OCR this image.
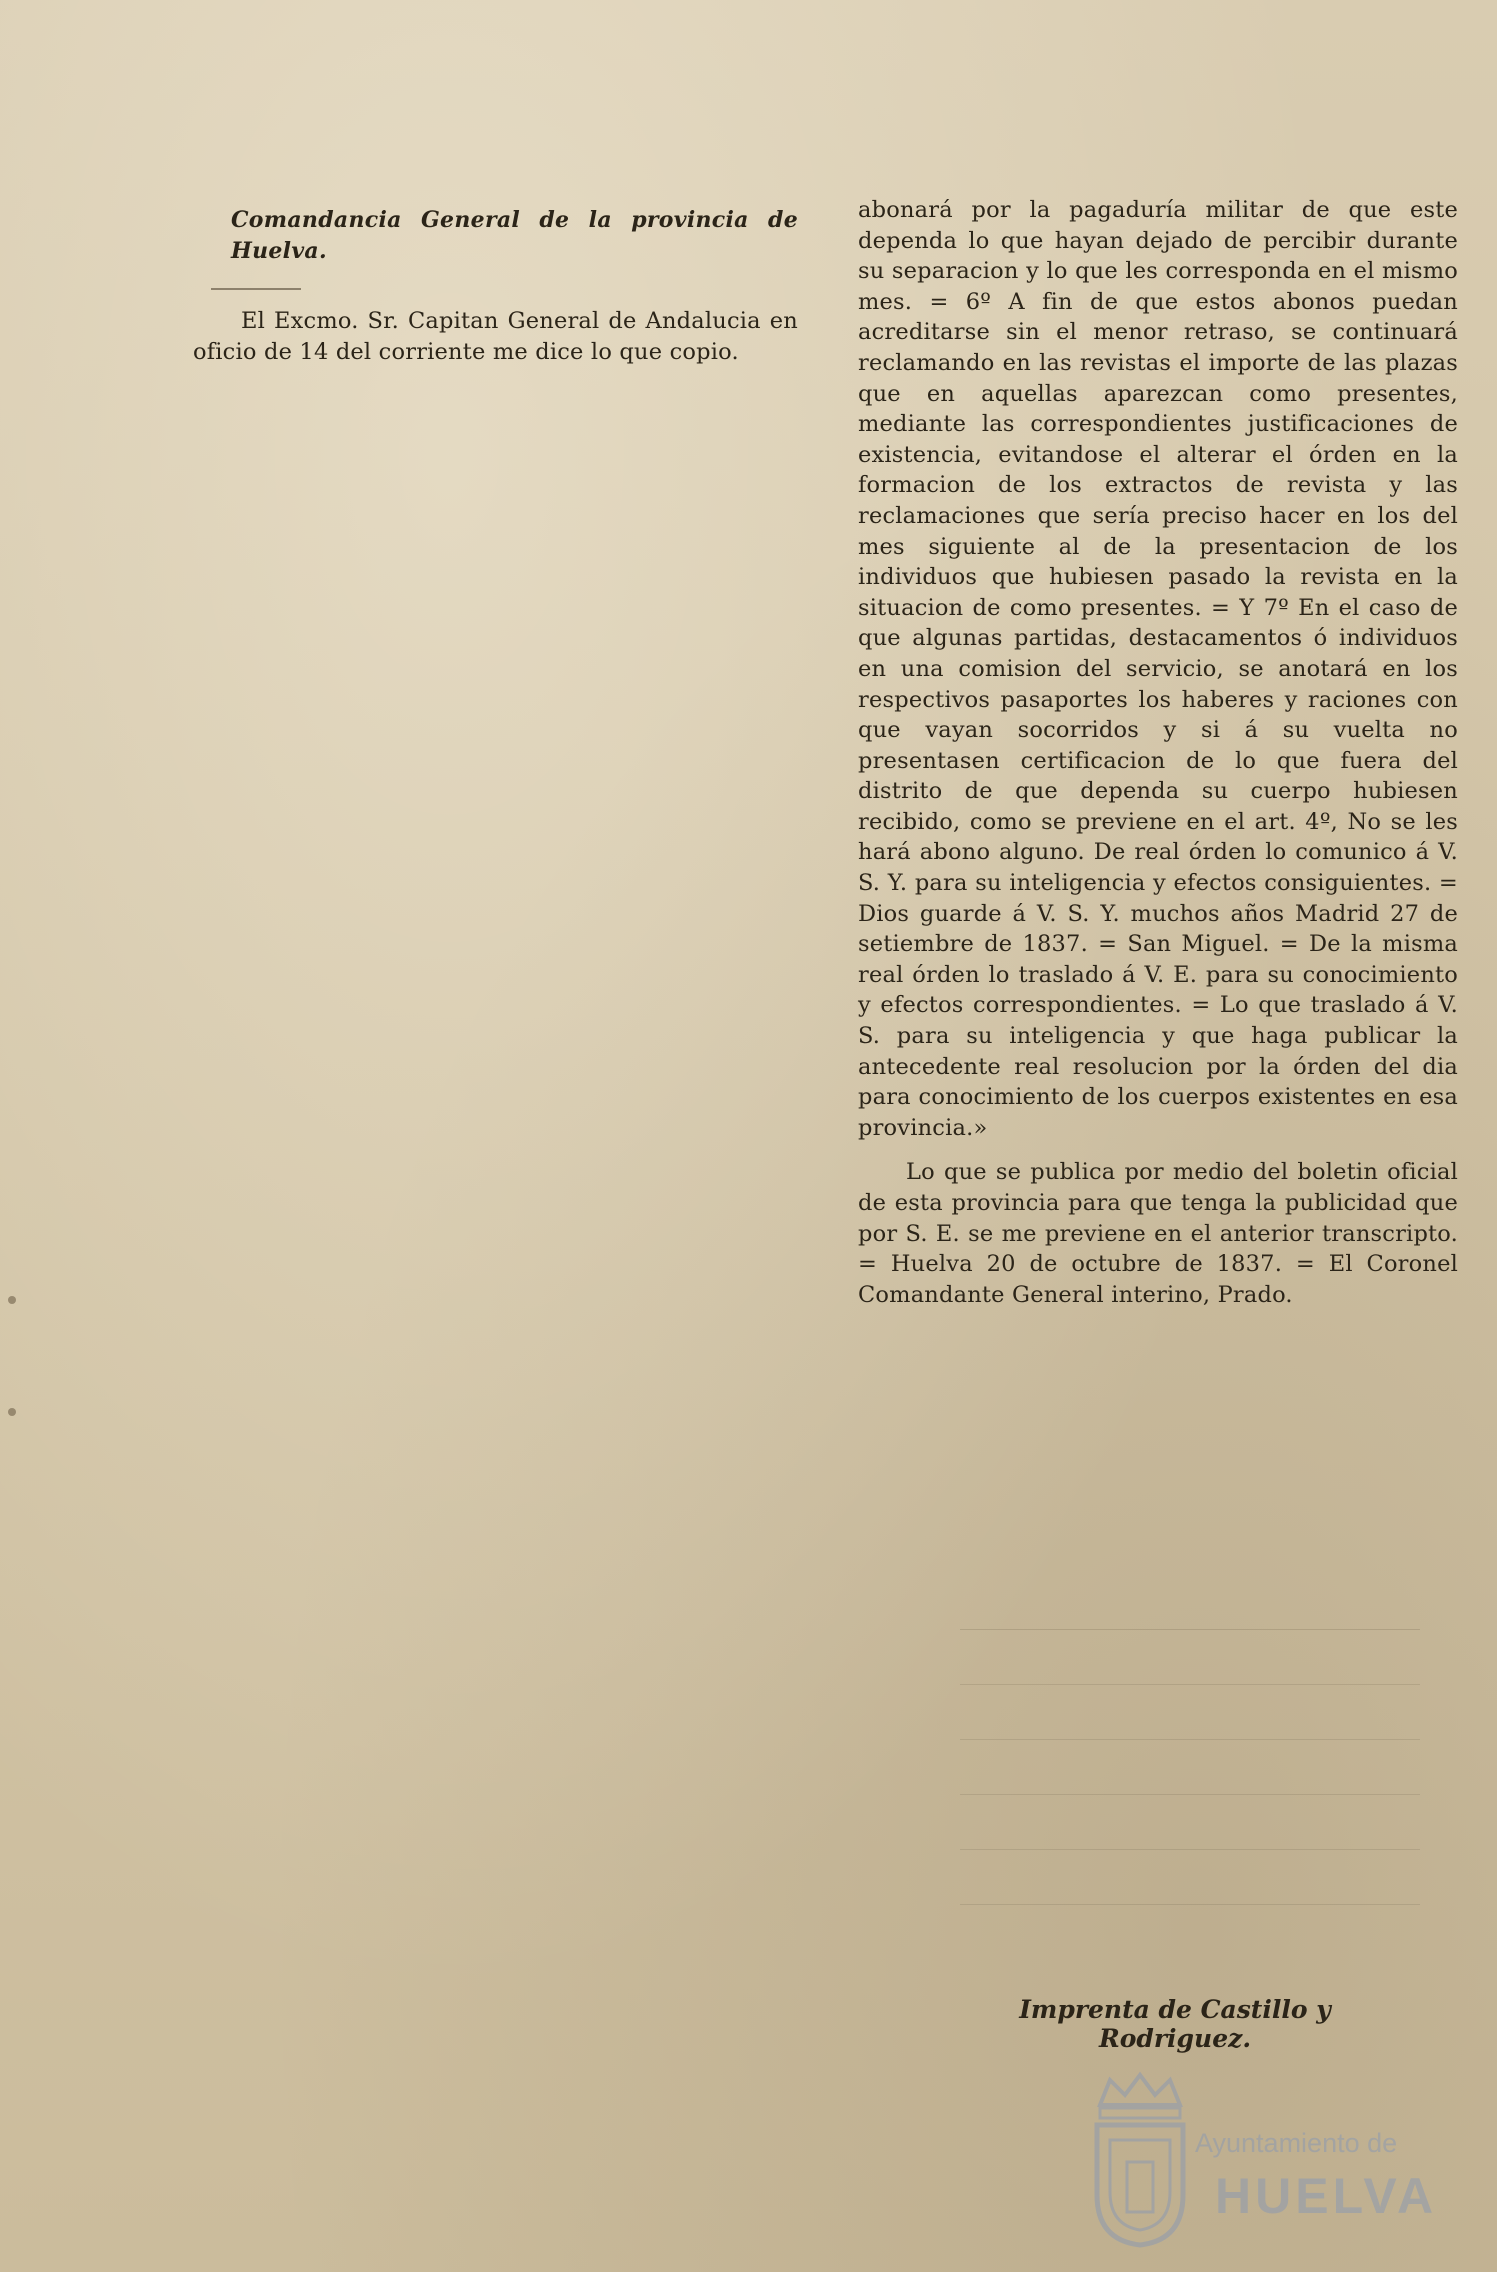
Comandancia General de la provincia de Huelva.

El Excmo. Sr. Capitan General de Andalucia en oficio de 14 del corriente me dice lo que copio.

abonará por la pagaduría militar de que este dependa lo que hayan dejado de percibir durante su separacion y lo que les corresponda en el mismo mes. = 6º A fin de que estos abonos puedan acreditarse sin el menor retraso, se continuará reclamando en las revistas el importe de las plazas que en aquellas aparezcan como presentes, mediante las correspondientes justificaciones de existencia, evitandose el alterar el órden en la formacion de los extractos de revista y las reclamaciones que sería preciso hacer en los del mes siguiente al de la presentacion de los individuos que hubiesen pasado la revista en la situacion de como presentes. = Y 7º En el caso de que algunas partidas, destacamentos ó individuos en una comision del servicio, se anotará en los respectivos pasaportes los haberes y raciones con que vayan socorridos y si á su vuelta no presentasen certificacion de lo que fuera del distrito de que dependa su cuerpo hubiesen recibido, como se previene en el art. 4º, No se les hará abono alguno. De real órden lo comunico á V. S. Y. para su inteligencia y efectos consiguientes. = Dios guarde á V. S. Y. muchos años Madrid 27 de setiembre de 1837. = San Miguel. = De la misma real órden lo traslado á V. E. para su conocimiento y efectos correspondientes. = Lo que traslado á V. S. para su inteligencia y que haga publicar la antecedente real resolucion por la órden del dia para conocimiento de los cuerpos existentes en esa provincia.»

Lo que se publica por medio del boletin oficial de esta provincia para que tenga la publicidad que por S. E. se me previene en el anterior transcripto. = Huelva 20 de octubre de 1837. = El Coronel Comandante General interino, Prado.

Imprenta de Castillo y Rodriguez.
Ayuntamiento de
HUELVA
